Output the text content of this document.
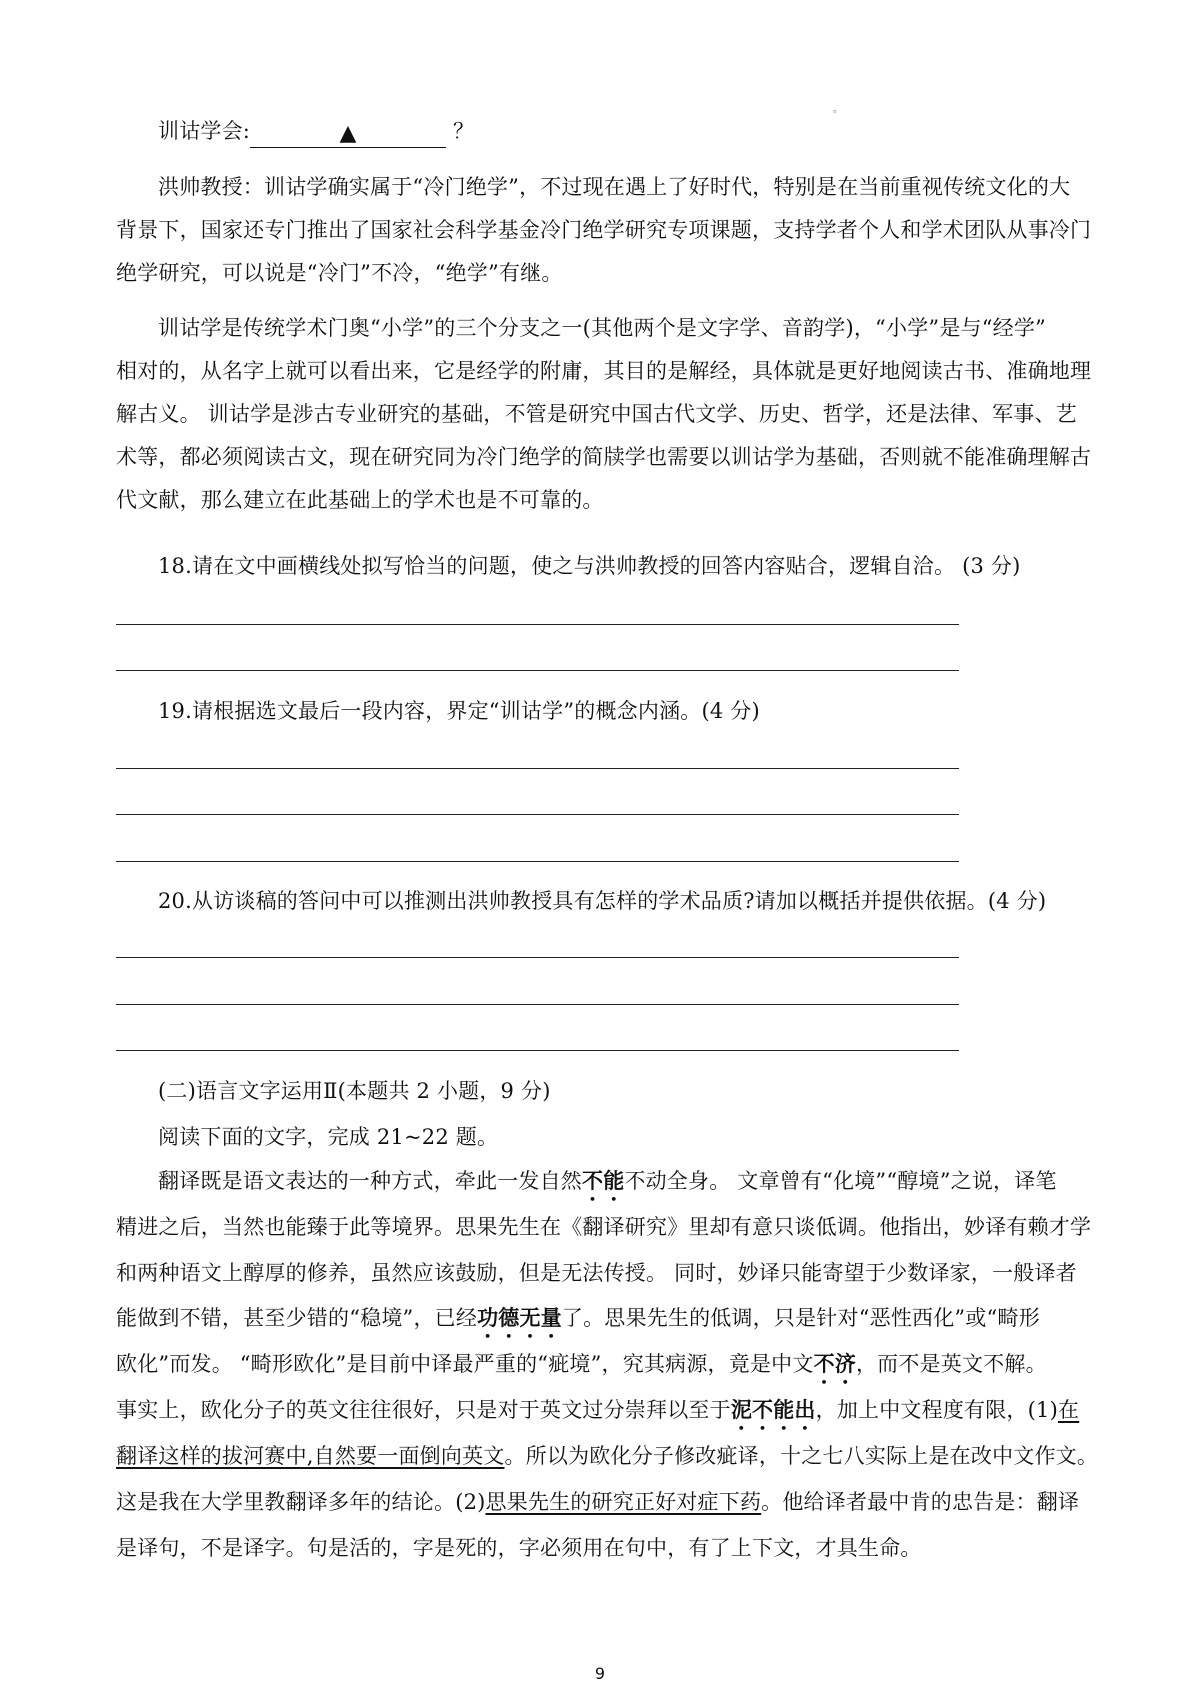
。
训诂学会:	▲	？
洪帅教授：训诂学确实属于“冷门绝学”，不过现在遇上了好时代，特别是在当前重视传统文化的大
背景下，国家还专门推出了国家社会科学基金冷门绝学研究专项课题，支持学者个人和学术团队从事冷门
绝学研究，可以说是“冷门”不冷，“绝学”有继。
训诂学是传统学术门奥“小学”的三个分支之一(其他两个是文字学、音韵学)，“小学”是与“经学”
相对的，从名字上就可以看出来，它是经学的附庸，其目的是解经，具体就是更好地阅读古书、准确地理
解古义。 训诂学是涉古专业研究的基础，不管是研究中国古代文学、历史、哲学，还是法律、军事、艺
术等，都必须阅读古文，现在研究同为冷门绝学的简牍学也需要以训诂学为基础，否则就不能准确理解古
代文献，那么建立在此基础上的学术也是不可靠的。
18.请在文中画横线处拟写恰当的问题，使之与洪帅教授的回答内容贴合，逻辑自洽。 (3 分)
19.请根据选文最后一段内容，界定“训诂学”的概念内涵。(4 分)
20.从访谈稿的答问中可以推测出洪帅教授具有怎样的学术品质?请加以概括并提供依据。(4 分)
(二)语言文字运用Ⅱ(本题共 2 小题，9 分)
阅读下面的文字，完成 21~22 题。
翻译既是语文表达的一种方式，牵此一发自然不能不动全身。 文章曾有“化境”“醇境”之说，译笔
精进之后，当然也能臻于此等境界。思果先生在《翻译研究》里却有意只谈低调。他指出，妙译有赖才学
和两种语文上醇厚的修养，虽然应该鼓励，但是无法传授。 同时，妙译只能寄望于少数译家，一般译者
能做到不错，甚至少错的“稳境”，已经功德无量了。思果先生的低调，只是针对“恶性西化”或“畸形
欧化”而发。 “畸形欧化”是目前中译最严重的“疵境”，究其病源，竟是中文不济，而不是英文不解。
事实上，欧化分子的英文往往很好，只是对于英文过分崇拜以至于泥不能出，加上中文程度有限，(1)在
翻译这样的拔河赛中,自然要一面倒向英文。所以为欧化分子修改疵译，十之七八实际上是在改中文作文。
这是我在大学里教翻译多年的结论。(2)思果先生的研究正好对症下药。他给译者最中肯的忠告是：翻译
是译句，不是译字。句是活的，字是死的，字必须用在句中，有了上下文，才具生命。
9
